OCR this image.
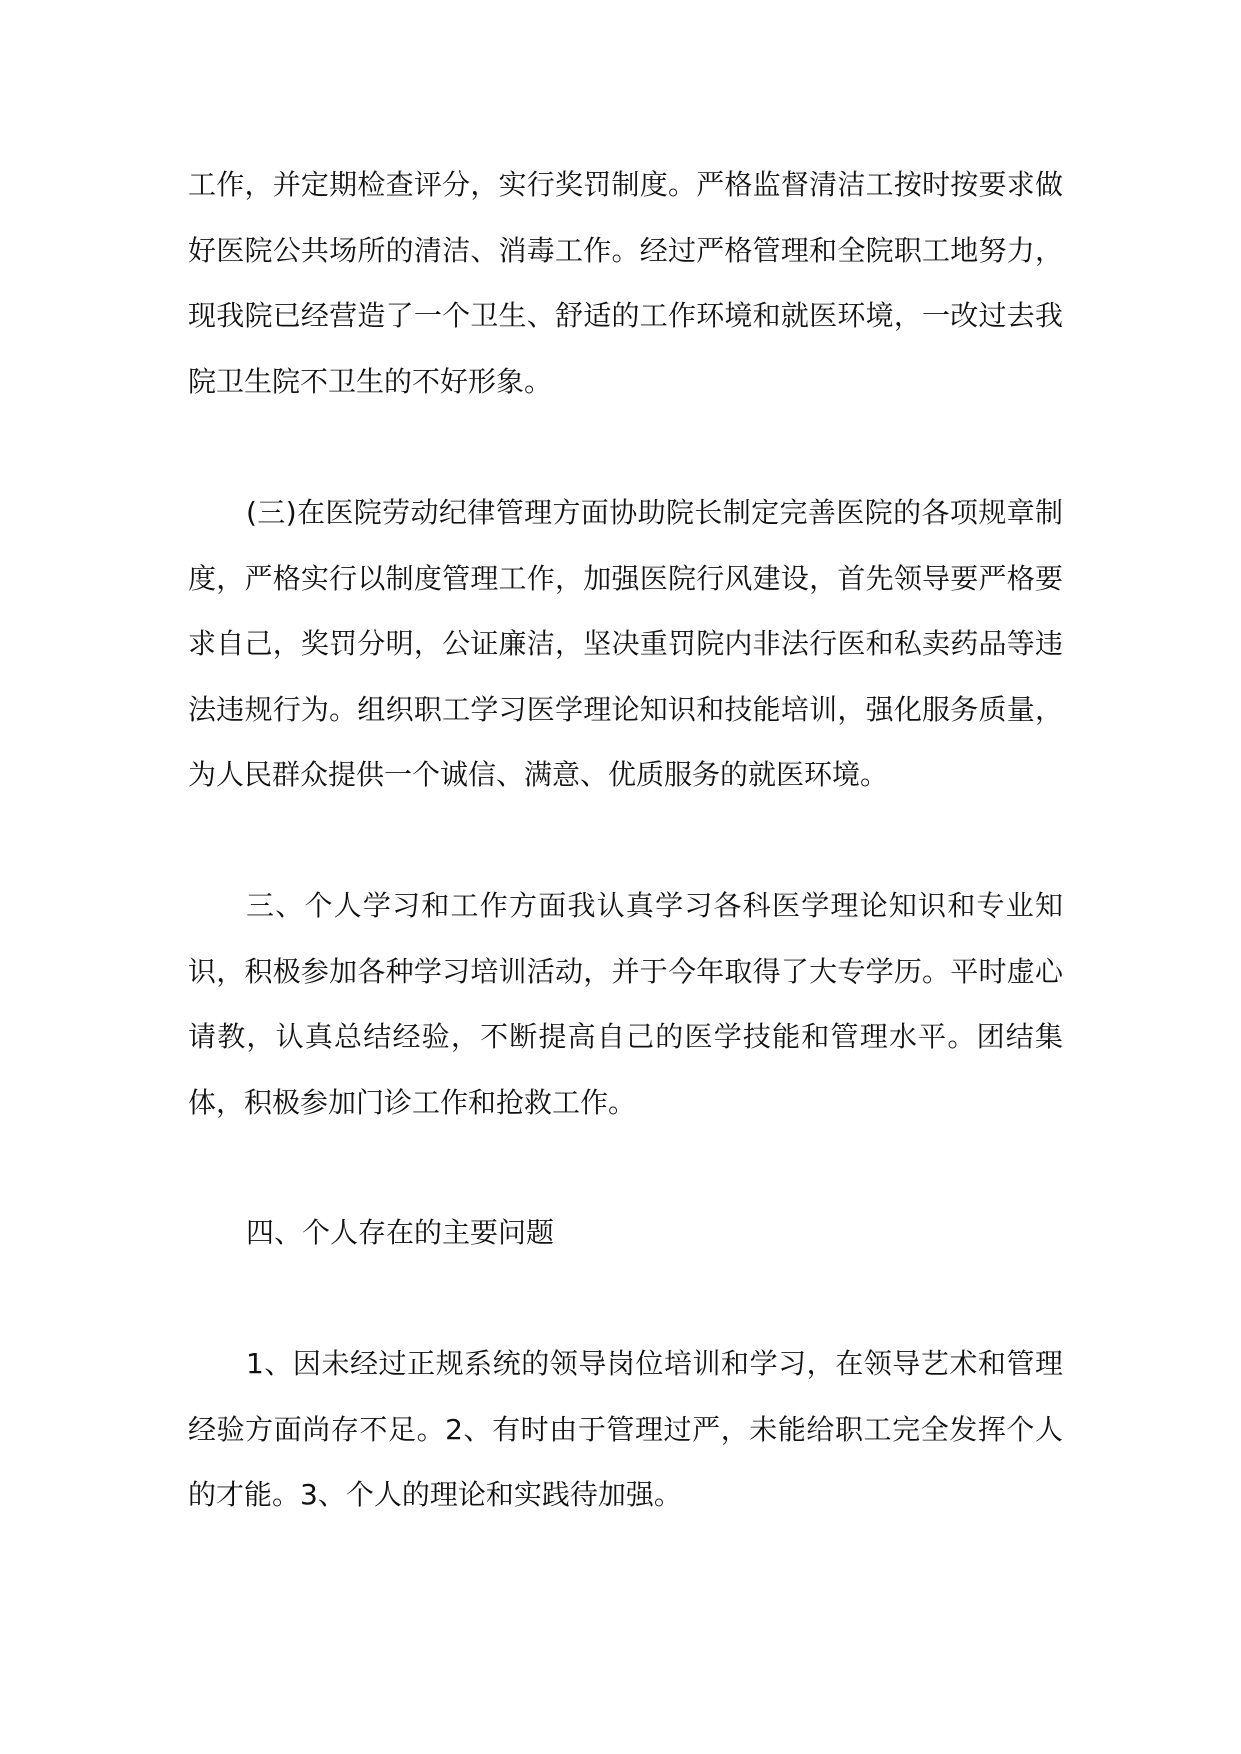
工作，并定期检查评分，实行奖罚制度。严格监督清洁工按时按要求做好医院公共场所的清洁、消毒工作。经过严格管理和全院职工地努力，现我院已经营造了一个卫生、舒适的工作环境和就医环境，一改过去我院卫生院不卫生的不好形象。

(三)在医院劳动纪律管理方面协助院长制定完善医院的各项规章制度，严格实行以制度管理工作，加强医院行风建设，首先领导要严格要求自己，奖罚分明，公证廉洁，坚决重罚院内非法行医和私卖药品等违法违规行为。组织职工学习医学理论知识和技能培训，强化服务质量，为人民群众提供一个诚信、满意、优质服务的就医环境。

三、个人学习和工作方面我认真学习各科医学理论知识和专业知识，积极参加各种学习培训活动，并于今年取得了大专学历。平时虚心请教，认真总结经验，不断提高自己的医学技能和管理水平。团结集体，积极参加门诊工作和抢救工作。

四、个人存在的主要问题

1、因未经过正规系统的领导岗位培训和学习，在领导艺术和管理经验方面尚存不足。2、有时由于管理过严，未能给职工完全发挥个人的才能。3、个人的理论和实践待加强。
